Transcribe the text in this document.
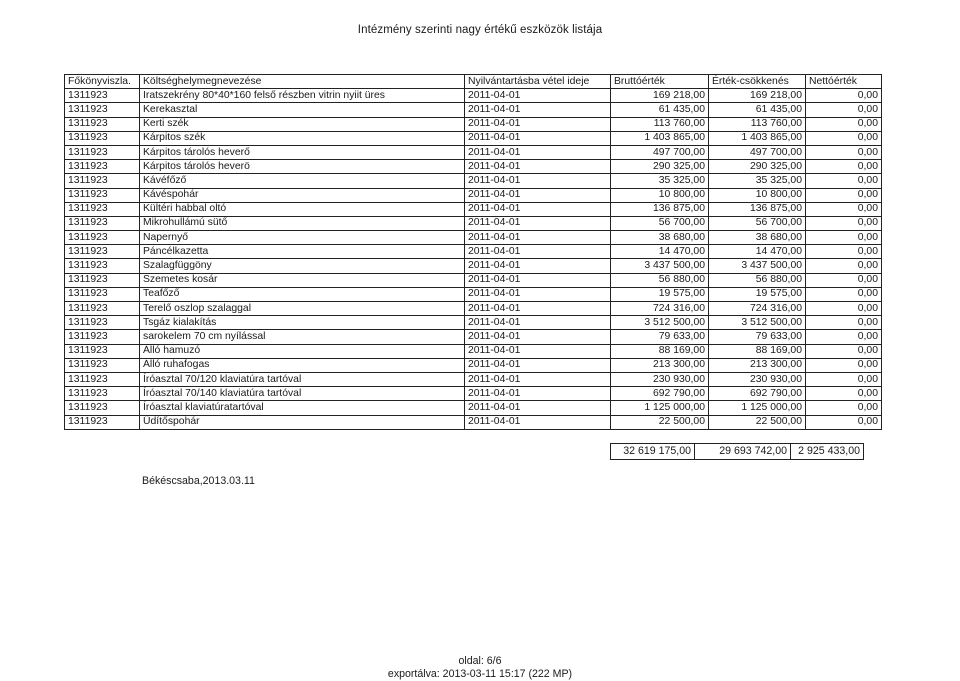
Intézmény szerinti nagy értékű eszközök listája
Főkönyviszla.	Költséghelymegnevezése	Nyilvántartásba vétel ideje	Bruttóérték	Érték-csökkenés	Nettóérték
1311923	Iratszekrény 80*40*160 felső részben vitrin nyiit üres	2011-04-01	169 218,00	169 218,00	0,00
1311923	Kerekasztal	2011-04-01	61 435,00	61 435,00	0,00
1311923	Kerti szék	2011-04-01	113 760,00	113 760,00	0,00
1311923	Kárpitos szék	2011-04-01	1 403 865,00	1 403 865,00	0,00
1311923	Kárpitos tárolós heverő	2011-04-01	497 700,00	497 700,00	0,00
1311923	Kárpitos tárolós heverö	2011-04-01	290 325,00	290 325,00	0,00
1311923	Kávéfőző	2011-04-01	35 325,00	35 325,00	0,00
1311923	Kávéspohár	2011-04-01	10 800,00	10 800,00	0,00
1311923	Kültéri habbal oltó	2011-04-01	136 875,00	136 875,00	0,00
1311923	Mikrohullámú sütő	2011-04-01	56 700,00	56 700,00	0,00
1311923	Napernyő	2011-04-01	38 680,00	38 680,00	0,00
1311923	Páncélkazetta	2011-04-01	14 470,00	14 470,00	0,00
1311923	Szalagfüggöny	2011-04-01	3 437 500,00	3 437 500,00	0,00
1311923	Szemetes kosár	2011-04-01	56 880,00	56 880,00	0,00
1311923	Teafőző	2011-04-01	19 575,00	19 575,00	0,00
1311923	Terelő oszlop szalaggal	2011-04-01	724 316,00	724 316,00	0,00
1311923	Tsgáz kialakítás	2011-04-01	3 512 500,00	3 512 500,00	0,00
1311923	sarokelem 70 cm nyílással	2011-04-01	79 633,00	79 633,00	0,00
1311923	Álló hamuzó	2011-04-01	88 169,00	88 169,00	0,00
1311923	Álló ruhafogas	2011-04-01	213 300,00	213 300,00	0,00
1311923	Íróasztal 70/120 klaviatúra tartóval	2011-04-01	230 930,00	230 930,00	0,00
1311923	Íróasztal 70/140 klaviatúra tartóval	2011-04-01	692 790,00	692 790,00	0,00
1311923	Íróasztal klaviatúratartóval	2011-04-01	1 125 000,00	1 125 000,00	0,00
1311923	Üdítőspohár	2011-04-01	22 500,00	22 500,00	0,00
32 619 175,00	29 693 742,00	2 925 433,00
Békéscsaba,2013.03.11
oldal: 6/6
exportálva: 2013-03-11 15:17 (222 MP)
